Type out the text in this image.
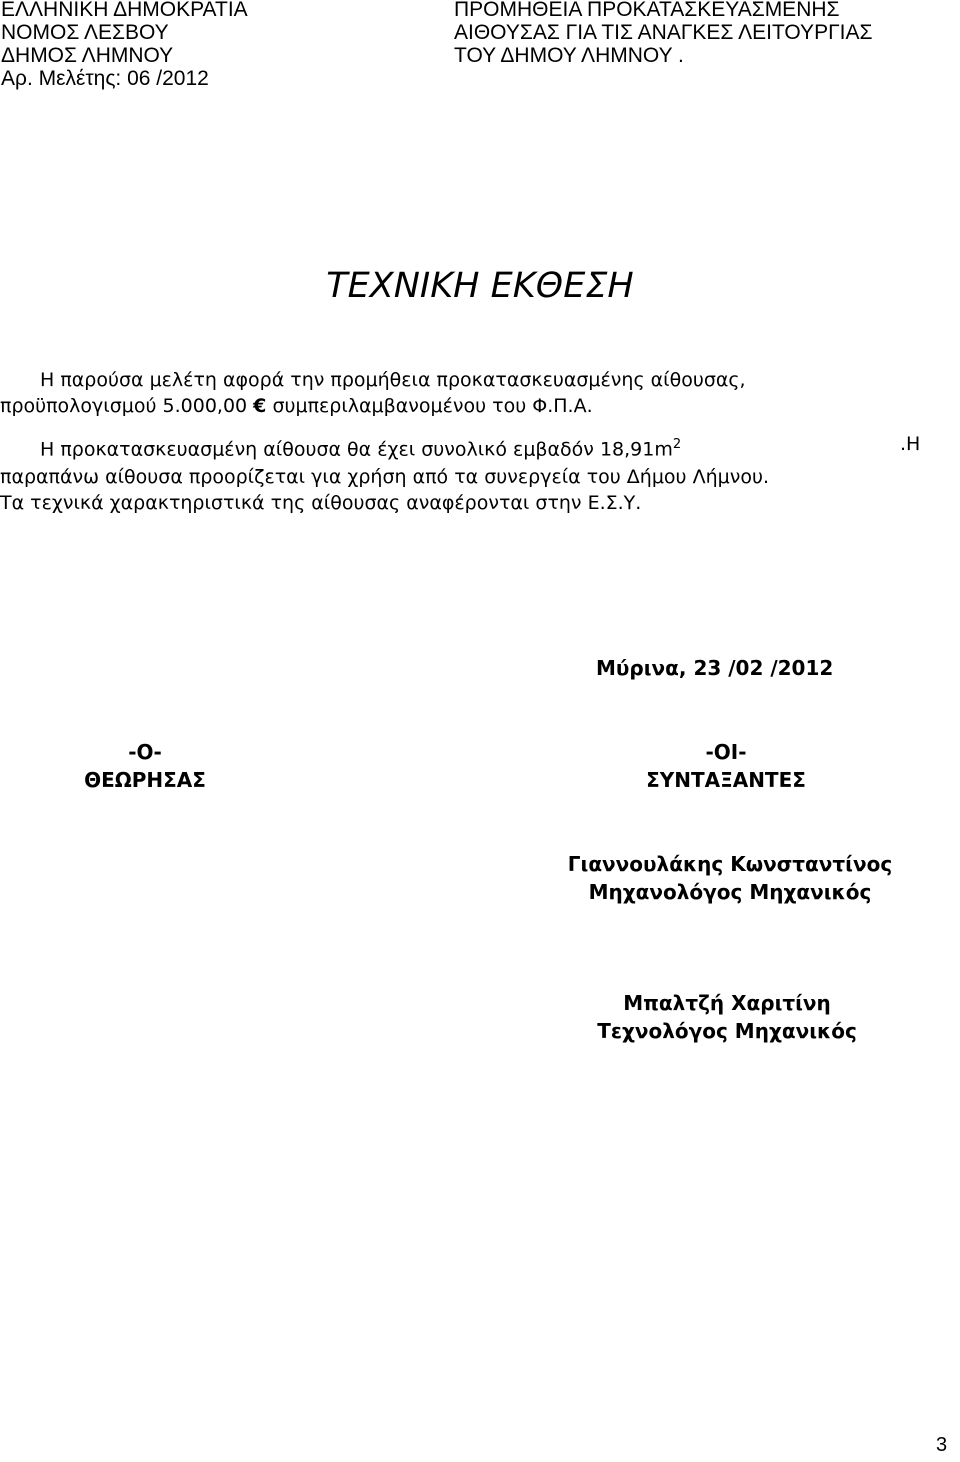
ΕΛΛΗΝΙΚΗ ΔΗΜΟΚΡΑΤΙΑ
ΝΟΜΟΣ ΛΕΣΒΟΥ
ΔΗΜΟΣ ΛΗΜΝΟΥ
Αρ. Μελέτης: 06 /2012
ΠΡΟΜΗΘΕΙΑ ΠΡΟΚΑΤΑΣΚΕΥΑΣΜΕΝΗΣ
ΑΙΘΟΥΣΑΣ ΓΙΑ ΤΙΣ ΑΝΑΓΚΕΣ ΛΕΙΤΟΥΡΓΙΑΣ
ΤΟΥ ΔΗΜΟΥ ΛΗΜΝΟΥ .
ΤΕΧΝΙΚΗ ΕΚΘΕΣΗ
Η παρούσα μελέτη αφορά την προμήθεια προκατασκευασμένης αίθουσας,
προϋπολογισμού 5.000,00 € συμπεριλαμβανομένου του Φ.Π.Α.
Η προκατασκευασμένη αίθουσα θα έχει συνολικό εμβαδόν $18,91m^2$	.Η
παραπάνω αίθουσα προορίζεται για χρήση από τα συνεργεία του Δήμου Λήμνου.
Τα τεχνικά χαρακτηριστικά της αίθουσας αναφέρονται στην Ε.Σ.Υ.
Μύρινα, 23 /02 /2012
-Ο-
ΘΕΩΡΗΣΑΣ
-ΟΙ-
ΣΥΝΤΑΞΑΝΤΕΣ
Γιαννουλάκης Κωνσταντίνος
Μηχανολόγος Μηχανικός
Μπαλτζή Χαριτίνη
Τεχνολόγος Μηχανικός
3
